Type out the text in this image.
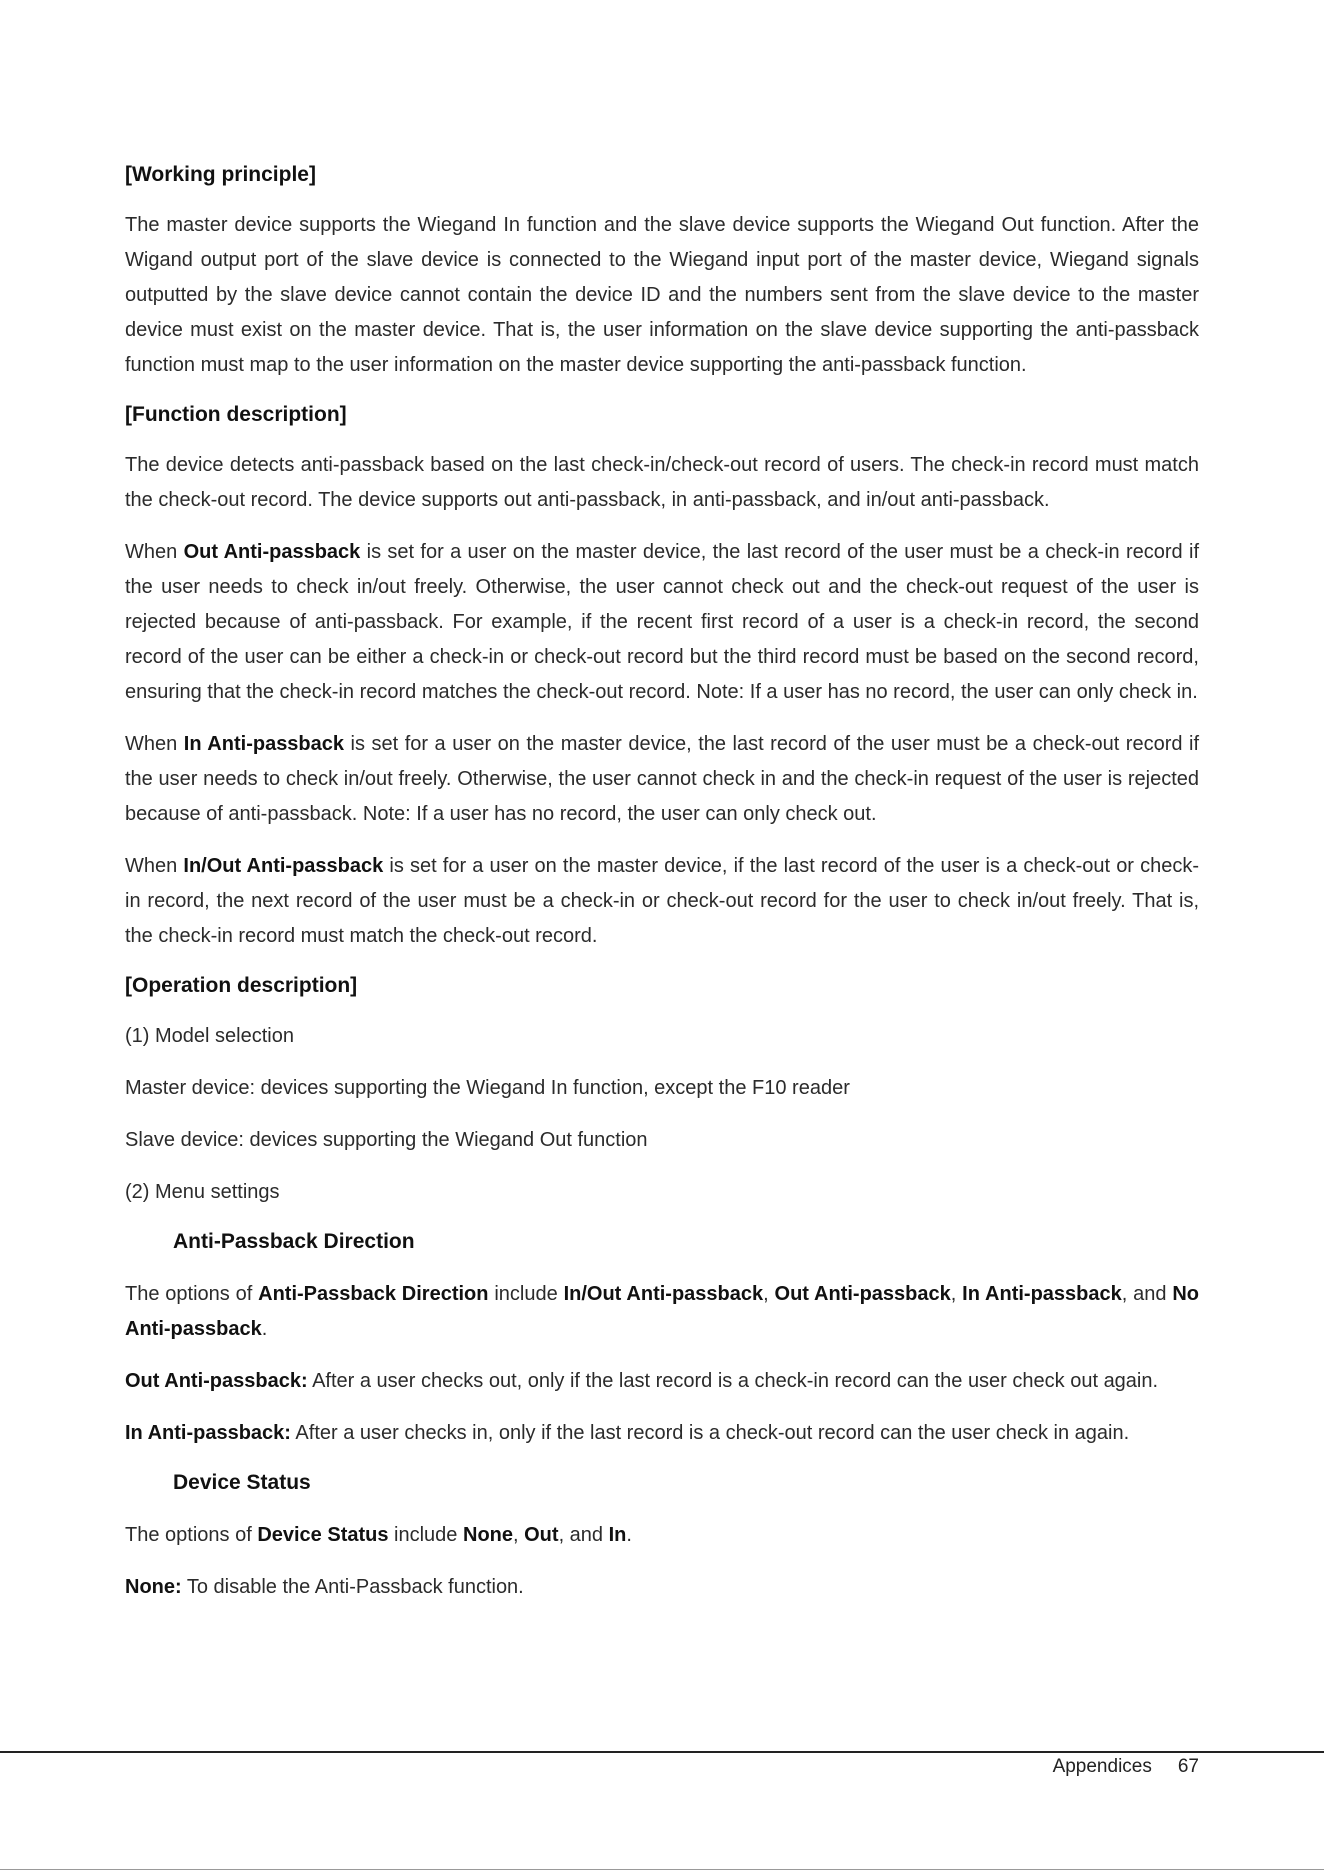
[Working principle]

The master device supports the Wiegand In function and the slave device supports the Wiegand Out function. After the Wigand output port of the slave device is connected to the Wiegand input port of the master device, Wiegand signals outputted by the slave device cannot contain the device ID and the numbers sent from the slave device to the master device must exist on the master device. That is, the user information on the slave device supporting the anti-passback function must map to the user information on the master device supporting the anti-passback function.

[Function description]

The device detects anti-passback based on the last check-in/check-out record of users. The check-in record must match the check-out record. The device supports out anti-passback, in anti-passback, and in/out anti-passback.

When Out Anti-passback is set for a user on the master device, the last record of the user must be a check-in record if the user needs to check in/out freely. Otherwise, the user cannot check out and the check-out request of the user is rejected because of anti-passback. For example, if the recent first record of a user is a check-in record, the second record of the user can be either a check-in or check-out record but the third record must be based on the second record, ensuring that the check-in record matches the check-out record. Note: If a user has no record, the user can only check in.

When In Anti-passback is set for a user on the master device, the last record of the user must be a check-out record if the user needs to check in/out freely. Otherwise, the user cannot check in and the check-in request of the user is rejected because of anti-passback. Note: If a user has no record, the user can only check out.

When In/Out Anti-passback is set for a user on the master device, if the last record of the user is a check-out or check-in record, the next record of the user must be a check-in or check-out record for the user to check in/out freely. That is, the check-in record must match the check-out record.

[Operation description]
(1) Model selection
Master device: devices supporting the Wiegand In function, except the F10 reader
Slave device: devices supporting the Wiegand Out function
(2) Menu settings
Anti-Passback Direction

The options of Anti-Passback Direction include In/Out Anti-passback, Out Anti-passback, In Anti-passback, and No Anti-passback.

Out Anti-passback: After a user checks out, only if the last record is a check-in record can the user check out again.

In Anti-passback: After a user checks in, only if the last record is a check-out record can the user check in again.

Device Status

The options of Device Status include None, Out, and In.

None: To disable the Anti-Passback function.

Appendices 67
